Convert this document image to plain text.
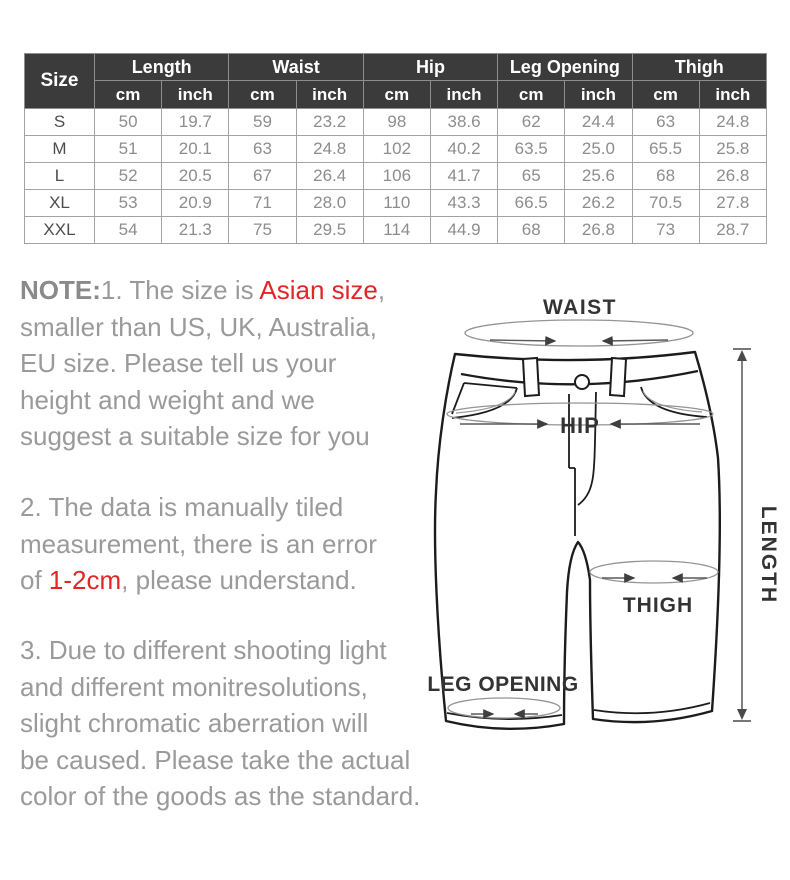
Size	Length		Waist		Hip		Leg Opening		Thigh	
	cm	inch	cm	inch	cm	inch	cm	inch	cm	inch
S	50	19.7	59	23.2	98	38.6	62	24.4	63	24.8
M	51	20.1	63	24.8	102	40.2	63.5	25.0	65.5	25.8
L	52	20.5	67	26.4	106	41.7	65	25.6	68	26.8
XL	53	20.9	71	28.0	110	43.3	66.5	26.2	70.5	27.8
XXL	54	21.3	75	29.5	114	44.9	68	26.8	73	28.7
NOTE:1. The size is Asian size,
smaller than US, UK, Australia,
EU size. Please tell us your
height and weight and we
suggest a suitable size for you
2. The data is manually tiled
measurement, there is an error
of 1-2cm, please understand.
3. Due to different shooting light
and different monitresolutions,
slight chromatic aberration will
be caused. Please take the actual
color of the goods as the standard.
WAIST
HIP
THIGH
LEG OPENING
LENGTH
